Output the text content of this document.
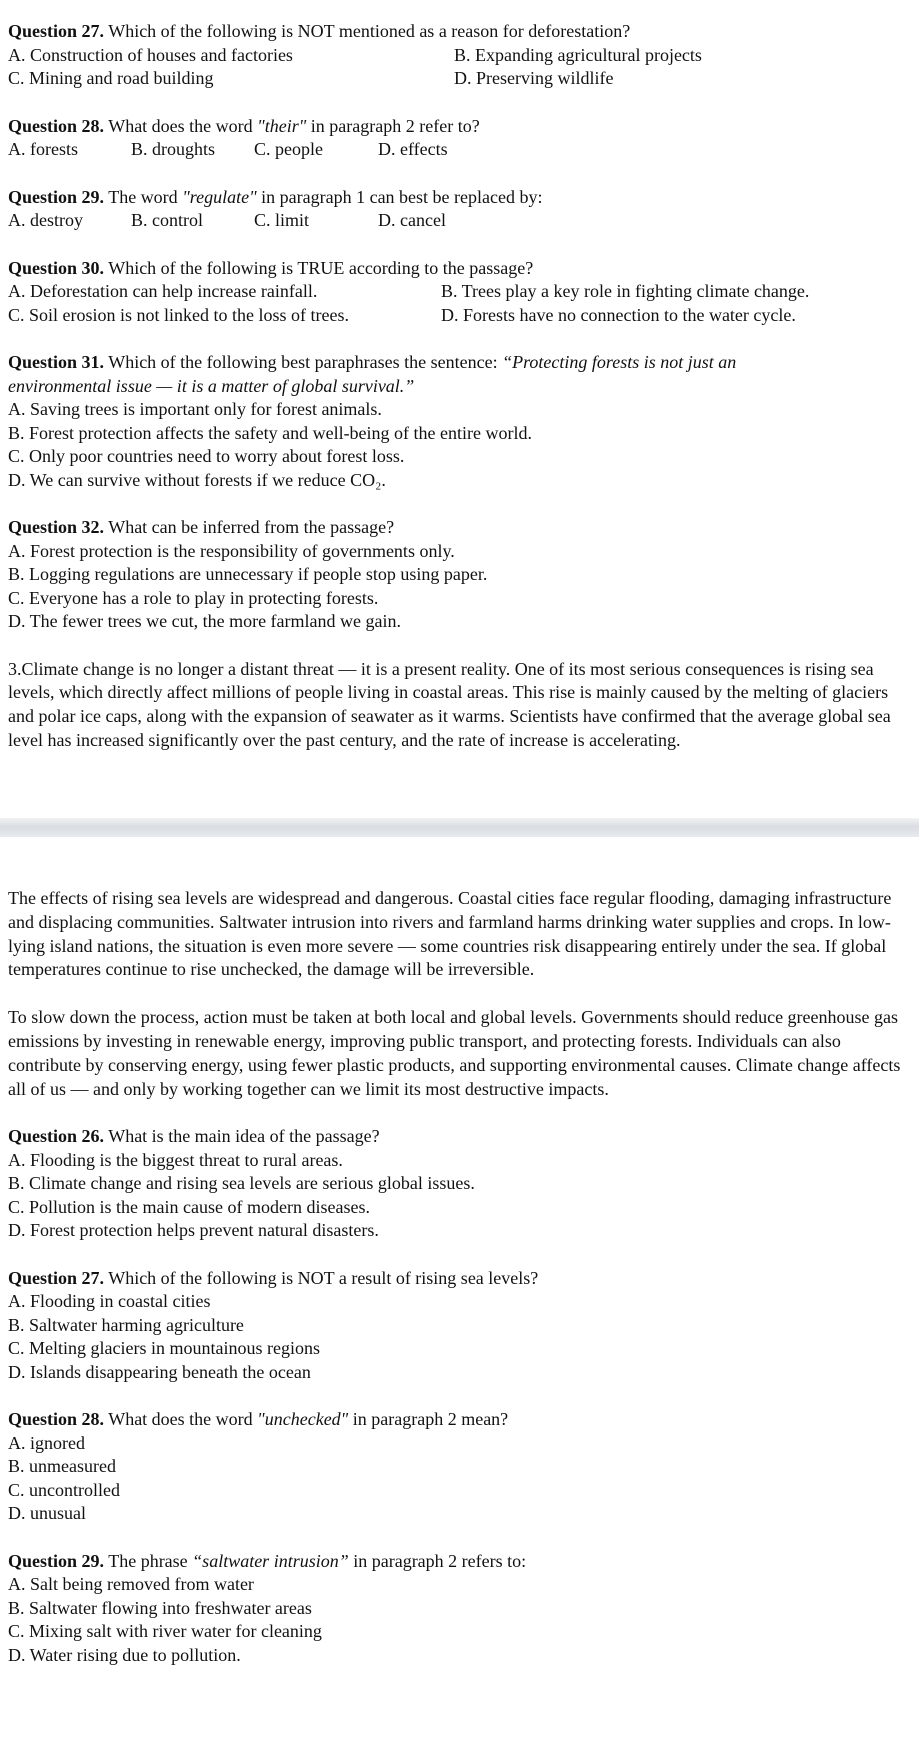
Question 27. Which of the following is NOT mentioned as a reason for deforestation?
A. Construction of houses and factories	B. Expanding agricultural projects
C. Mining and road building	D. Preserving wildlife
Question 28. What does the word "their" in paragraph 2 refer to?
A. forests	B. droughts	C. people	D. effects
Question 29. The word "regulate" in paragraph 1 can best be replaced by:
A. destroy	B. control	C. limit	D. cancel
Question 30. Which of the following is TRUE according to the passage?
A. Deforestation can help increase rainfall.	B. Trees play a key role in fighting climate change.
C. Soil erosion is not linked to the loss of trees.	D. Forests have no connection to the water cycle.
Question 31. Which of the following best paraphrases the sentence: “Protecting forests is not just an
environmental issue — it is a matter of global survival.”
A. Saving trees is important only for forest animals.
B. Forest protection affects the safety and well-being of the entire world.
C. Only poor countries need to worry about forest loss.
D. We can survive without forests if we reduce CO₂.
Question 32. What can be inferred from the passage?
A. Forest protection is the responsibility of governments only.
B. Logging regulations are unnecessary if people stop using paper.
C. Everyone has a role to play in protecting forests.
D. The fewer trees we cut, the more farmland we gain.

3.Climate change is no longer a distant threat — it is a present reality. One of its most serious consequences is rising sea levels, which directly affect millions of people living in coastal areas. This rise is mainly caused by the melting of glaciers and polar ice caps, along with the expansion of seawater as it warms. Scientists have confirmed that the average global sea level has increased significantly over the past century, and the rate of increase is accelerating.

The effects of rising sea levels are widespread and dangerous. Coastal cities face regular flooding, damaging infrastructure and displacing communities. Saltwater intrusion into rivers and farmland harms drinking water supplies and crops. In low-lying island nations, the situation is even more severe — some countries risk disappearing entirely under the sea. If global temperatures continue to rise unchecked, the damage will be irreversible.

To slow down the process, action must be taken at both local and global levels. Governments should reduce greenhouse gas emissions by investing in renewable energy, improving public transport, and protecting forests. Individuals can also contribute by conserving energy, using fewer plastic products, and supporting environmental causes. Climate change affects all of us — and only by working together can we limit its most destructive impacts.

Question 26. What is the main idea of the passage?
A. Flooding is the biggest threat to rural areas.
B. Climate change and rising sea levels are serious global issues.
C. Pollution is the main cause of modern diseases.
D. Forest protection helps prevent natural disasters.
Question 27. Which of the following is NOT a result of rising sea levels?
A. Flooding in coastal cities
B. Saltwater harming agriculture
C. Melting glaciers in mountainous regions
D. Islands disappearing beneath the ocean
Question 28. What does the word "unchecked" in paragraph 2 mean?
A. ignored
B. unmeasured
C. uncontrolled
D. unusual
Question 29. The phrase “saltwater intrusion” in paragraph 2 refers to:
A. Salt being removed from water
B. Saltwater flowing into freshwater areas
C. Mixing salt with river water for cleaning
D. Water rising due to pollution.
